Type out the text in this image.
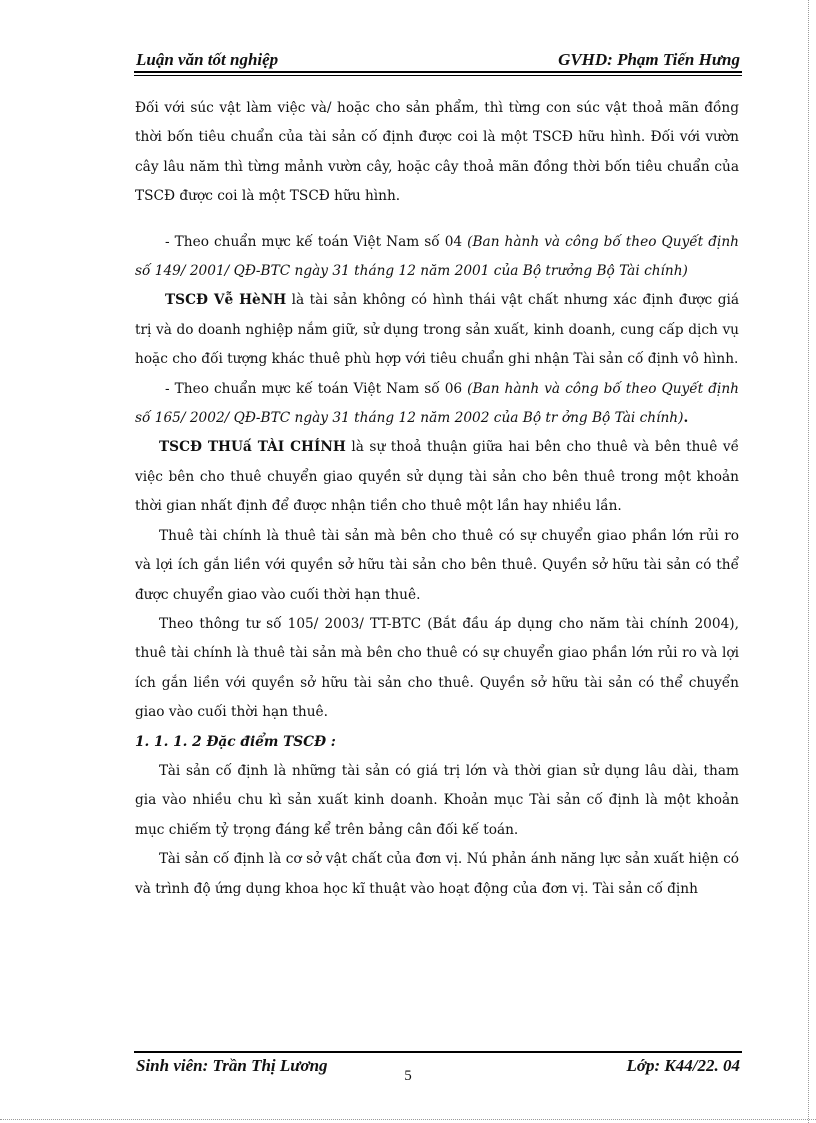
Luận văn tốt nghiệp	GVHD: Phạm Tiến Hưng

Đối với súc vật làm việc và/ hoặc cho sản phẩm, thì từng con súc vật thoả mãn đồng thời bốn tiêu chuẩn của tài sản cố định được coi là một TSCĐ hữu hình. Đối với vườn cây lâu năm thì từng mảnh vườn cây, hoặc cây thoả mãn đồng thời bốn tiêu chuẩn của TSCĐ được coi là một TSCĐ hữu hình.

- Theo chuẩn mực kế toán Việt Nam số 04 (Ban hành và công bố theo Quyết định số 149/ 2001/ QĐ-BTC ngày 31 tháng 12 năm 2001 của Bộ trưởng Bộ Tài chính)

TSCĐ Vễ HèNH là tài sản không có hình thái vật chất nhưng xác định được giá trị và do doanh nghiệp nắm giữ, sử dụng trong sản xuất, kinh doanh, cung cấp dịch vụ hoặc cho đối tượng khác thuê phù hợp với tiêu chuẩn ghi nhận Tài sản cố định vô hình.

- Theo chuẩn mực kế toán Việt Nam số 06 (Ban hành và công bố theo Quyết định số 165/ 2002/ QĐ-BTC ngày 31 tháng 12 năm 2002 của Bộ tr ởng Bộ Tài chính).

TSCĐ THUấ TÀI CHÍNH là sự thoả thuận giữa hai bên cho thuê và bên thuê về việc bên cho thuê chuyển giao quyền sử dụng tài sản cho bên thuê trong một khoản thời gian nhất định để được nhận tiền cho thuê một lần hay nhiều lần.

Thuê tài chính là thuê tài sản mà bên cho thuê có sự chuyển giao phần lớn rủi ro và lợi ích gắn liền với quyền sở hữu tài sản cho bên thuê. Quyền sở hữu tài sản có thể được chuyển giao vào cuối thời hạn thuê.

Theo thông tư số 105/ 2003/ TT-BTC (Bắt đầu áp dụng cho năm tài chính 2004), thuê tài chính là thuê tài sản mà bên cho thuê có sự chuyển giao phần lớn rủi ro và lợi ích gắn liền với quyền sở hữu tài sản cho thuê. Quyền sở hữu tài sản có thể chuyển giao vào cuối thời hạn thuê.

1. 1. 1. 2 Đặc điểm TSCĐ :

Tài sản cố định là những tài sản có giá trị lớn và thời gian sử dụng lâu dài, tham gia vào nhiều chu kì sản xuất kinh doanh. Khoản mục Tài sản cố định là một khoản mục chiếm tỷ trọng đáng kể trên bảng cân đối kế toán.

Tài sản cố định là cơ sở vật chất của đơn vị. Nú phản ánh năng lực sản xuất hiện có và trình độ ứng dụng khoa học kĩ thuật vào hoạt động của đơn vị. Tài sản cố định

Sinh viên: Trần Thị Lương	Lớp: K44/22. 04
5
